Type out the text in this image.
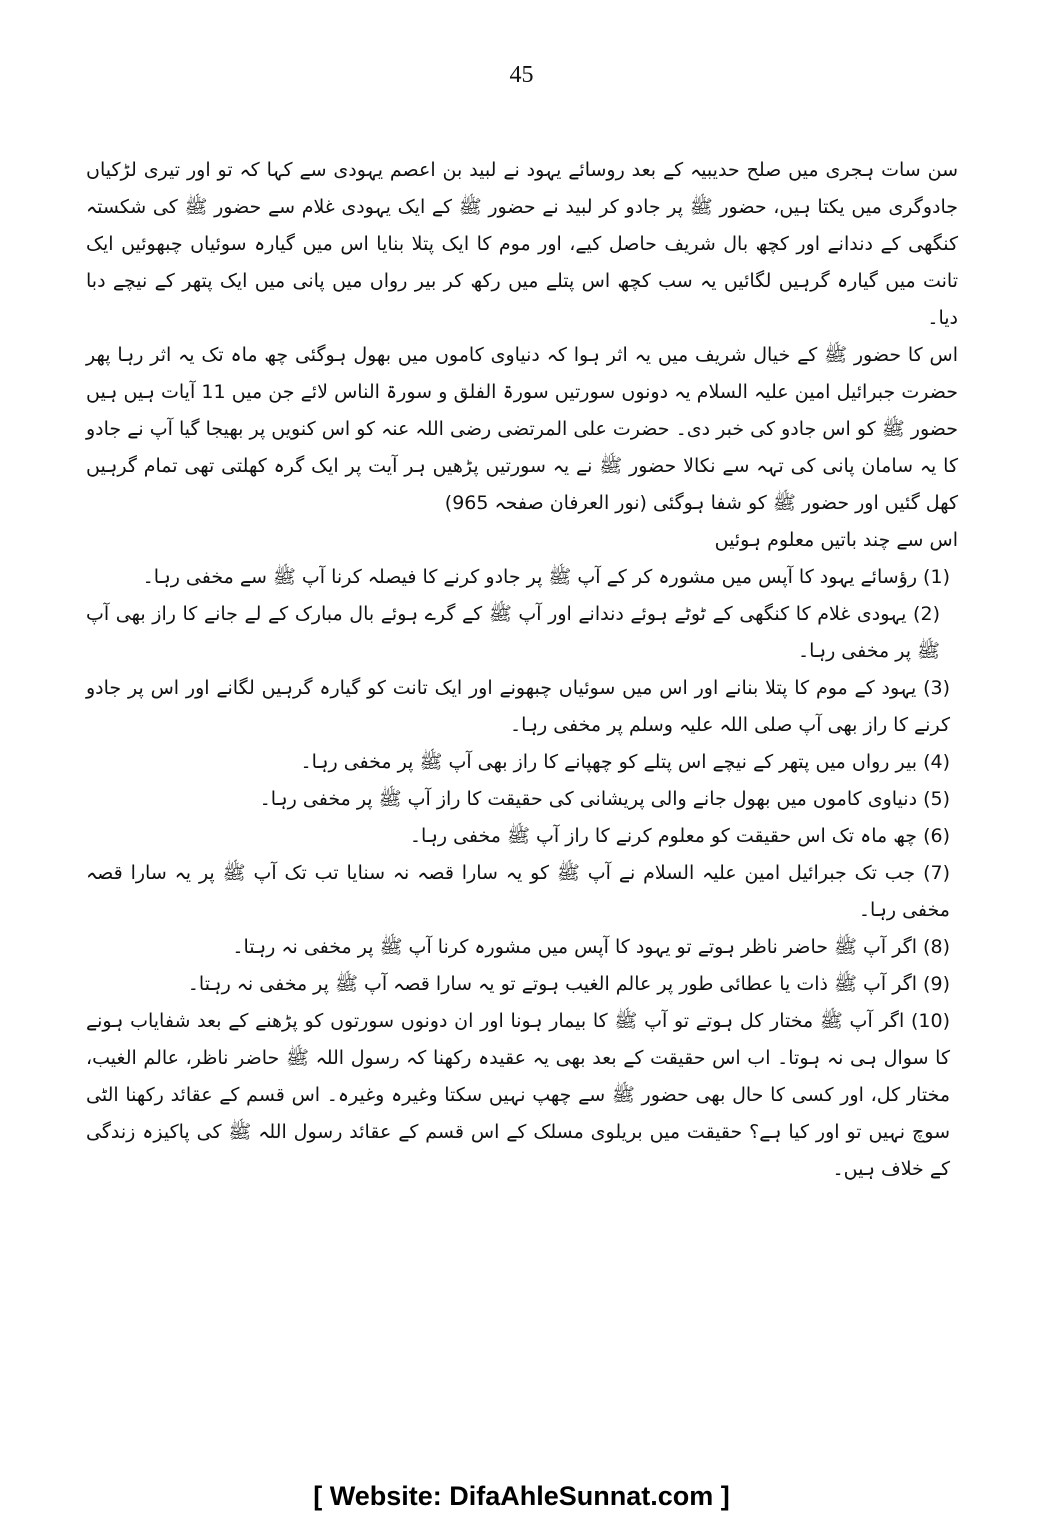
45

سن سات ہجری میں صلح حدیبیہ کے بعد روسائے یہود نے لبید بن اعصم یہودی سے کہا کہ تو اور تیری لڑکیاں جادوگری میں یکتا ہیں، حضور ﷺ پر جادو کر لبید نے حضور ﷺ کے ایک یہودی غلام سے حضور ﷺ کی شکستہ کنگھی کے دندانے اور کچھ بال شریف حاصل کیے، اور موم کا ایک پتلا بنایا اس میں گیارہ سوئیاں چبھوئیں ایک تانت میں گیارہ گرہیں لگائیں یہ سب کچھ اس پتلے میں رکھ کر بیر رواں میں پانی میں ایک پتھر کے نیچے دبا دیا۔

اس کا حضور ﷺ کے خیال شریف میں یہ اثر ہوا کہ دنیاوی کاموں میں بھول ہوگئی چھ ماہ تک یہ اثر رہا پھر حضرت جبرائیل امین علیہ السلام یہ دونوں سورتیں سورۃ الفلق و سورۃ الناس لائے جن میں 11 آیات ہیں ہیں حضور ﷺ کو اس جادو کی خبر دی۔ حضرت علی المرتضی رضی اللہ عنہ کو اس کنویں پر بھیجا گیا آپ نے جادو کا یہ سامان پانی کی تہہ سے نکالا حضور ﷺ نے یہ سورتیں پڑھیں ہر آیت پر ایک گرہ کھلتی تھی تمام گرہیں کھل گئیں اور حضور ﷺ کو شفا ہوگئی (نور العرفان صفحہ 965)

اس سے چند باتیں معلوم ہوئیں

(1) رؤسائے یہود کا آپس میں مشورہ کر کے آپ ﷺ پر جادو کرنے کا فیصلہ کرنا آپ ﷺ سے مخفی رہا۔

(2) یہودی غلام کا کنگھی کے ٹوٹے ہوئے دندانے اور آپ ﷺ کے گرے ہوئے بال مبارک کے لے جانے کا راز بھی آپ ﷺ پر مخفی رہا۔

(3) یہود کے موم کا پتلا بنانے اور اس میں سوئیاں چبھونے اور ایک تانت کو گیارہ گرہیں لگانے اور اس پر جادو کرنے کا راز بھی آپ صلی اللہ علیہ وسلم پر مخفی رہا۔

(4) بیر رواں میں پتھر کے نیچے اس پتلے کو چھپانے کا راز بھی آپ ﷺ پر مخفی رہا۔

(5) دنیاوی کاموں میں بھول جانے والی پریشانی کی حقیقت کا راز آپ ﷺ پر مخفی رہا۔

(6) چھ ماہ تک اس حقیقت کو معلوم کرنے کا راز آپ ﷺ مخفی رہا۔

(7) جب تک جبرائیل امین علیہ السلام نے آپ ﷺ کو یہ سارا قصہ نہ سنایا تب تک آپ ﷺ پر یہ سارا قصہ مخفی رہا۔

(8) اگر آپ ﷺ حاضر ناظر ہوتے تو یہود کا آپس میں مشورہ کرنا آپ ﷺ پر مخفی نہ رہتا۔

(9) اگر آپ ﷺ ذات یا عطائی طور پر عالم الغیب ہوتے تو یہ سارا قصہ آپ ﷺ پر مخفی نہ رہتا۔

(10) اگر آپ ﷺ مختار کل ہوتے تو آپ ﷺ کا بیمار ہونا اور ان دونوں سورتوں کو پڑھنے کے بعد شفایاب ہونے کا سوال ہی نہ ہوتا۔ اب اس حقیقت کے بعد بھی یہ عقیدہ رکھنا کہ رسول اللہ ﷺ حاضر ناظر، عالم الغیب، مختار کل، اور کسی کا حال بھی حضور ﷺ سے چھپ نہیں سکتا وغیرہ وغیرہ۔ اس قسم کے عقائد رکھنا الٹی سوچ نہیں تو اور کیا ہے؟ حقیقت میں بریلوی مسلک کے اس قسم کے عقائد رسول اللہ ﷺ کی پاکیزہ زندگی کے خلاف ہیں۔

[ Website: DifaAhleSunnat.com ]
